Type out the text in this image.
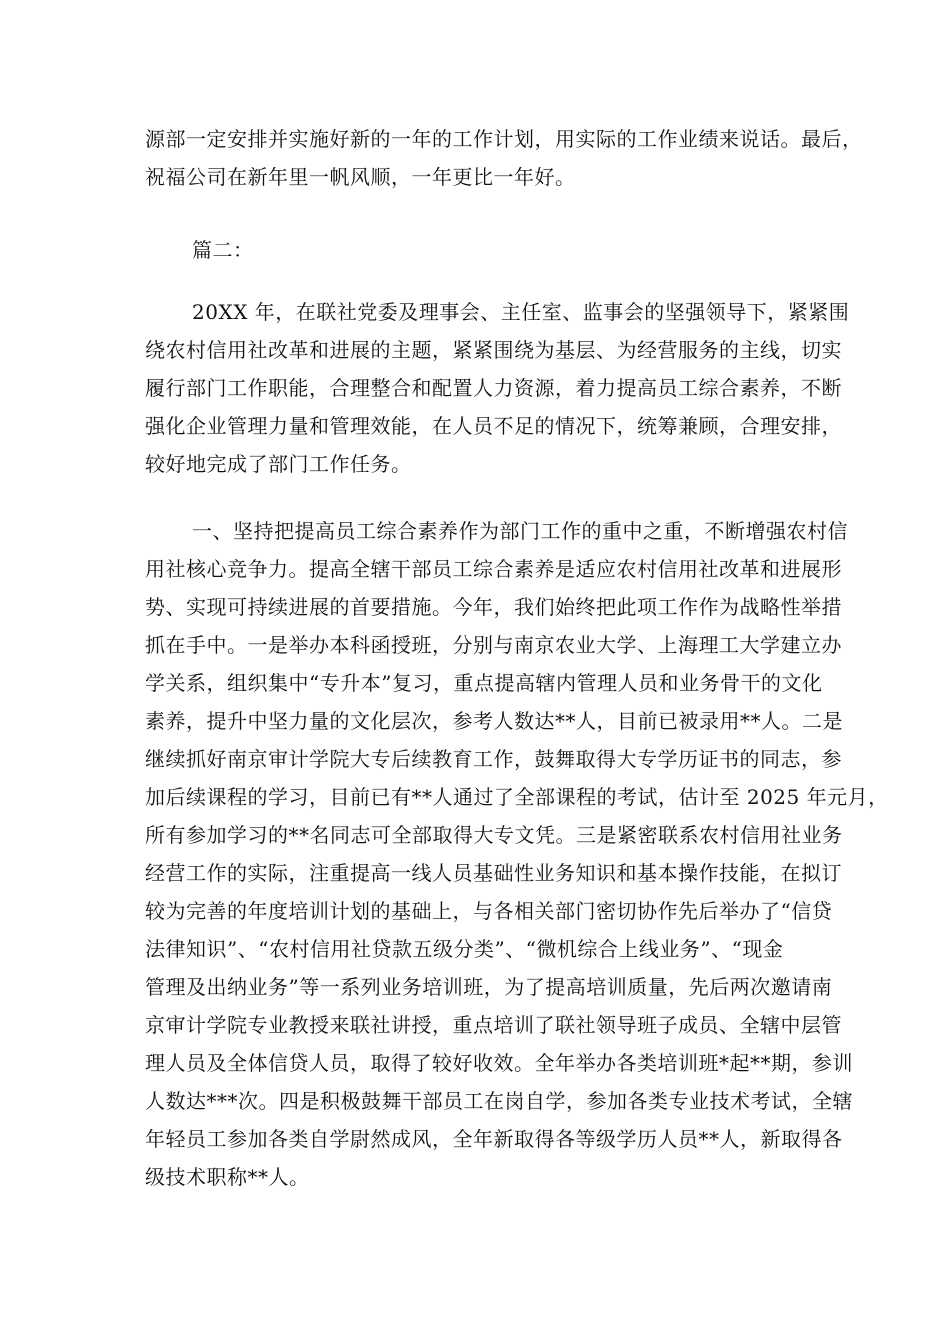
源部一定安排并实施好新的一年的工作计划，用实际的工作业绩来说话。最后，
祝福公司在新年里一帆风顺，一年更比一年好。
篇二：
20XX 年，在联社党委及理事会、主任室、监事会的坚强领导下，紧紧围
绕农村信用社改革和进展的主题，紧紧围绕为基层、为经营服务的主线，切实
履行部门工作职能，合理整合和配置人力资源，着力提高员工综合素养，不断
强化企业管理力量和管理效能，在人员不足的情况下，统筹兼顾，合理安排，
较好地完成了部门工作任务。
一、坚持把提高员工综合素养作为部门工作的重中之重，不断增强农村信
用社核心竞争力。提高全辖干部员工综合素养是适应农村信用社改革和进展形
势、实现可持续进展的首要措施。今年，我们始终把此项工作作为战略性举措
抓在手中。一是举办本科函授班，分别与南京农业大学、上海理工大学建立办
学关系，组织集中“专升本”复习，重点提高辖内管理人员和业务骨干的文化
素养，提升中坚力量的文化层次，参考人数达**人，目前已被录用**人。二是
继续抓好南京审计学院大专后续教育工作，鼓舞取得大专学历证书的同志，参
加后续课程的学习，目前已有**人通过了全部课程的考试，估计至 2025 年元月，
所有参加学习的**名同志可全部取得大专文凭。三是紧密联系农村信用社业务
经营工作的实际，注重提高一线人员基础性业务知识和基本操作技能，在拟订
较为完善的年度培训计划的基础上，与各相关部门密切协作先后举办了“信贷
法律知识”、“农村信用社贷款五级分类”、“微机综合上线业务”、“现金
管理及出纳业务”等一系列业务培训班，为了提高培训质量，先后两次邀请南
京审计学院专业教授来联社讲授，重点培训了联社领导班子成员、全辖中层管
理人员及全体信贷人员，取得了较好收效。全年举办各类培训班*起**期，参训
人数达***次。四是积极鼓舞干部员工在岗自学，参加各类专业技术考试，全辖
年轻员工参加各类自学尉然成风，全年新取得各等级学历人员**人，新取得各
级技术职称**人。
